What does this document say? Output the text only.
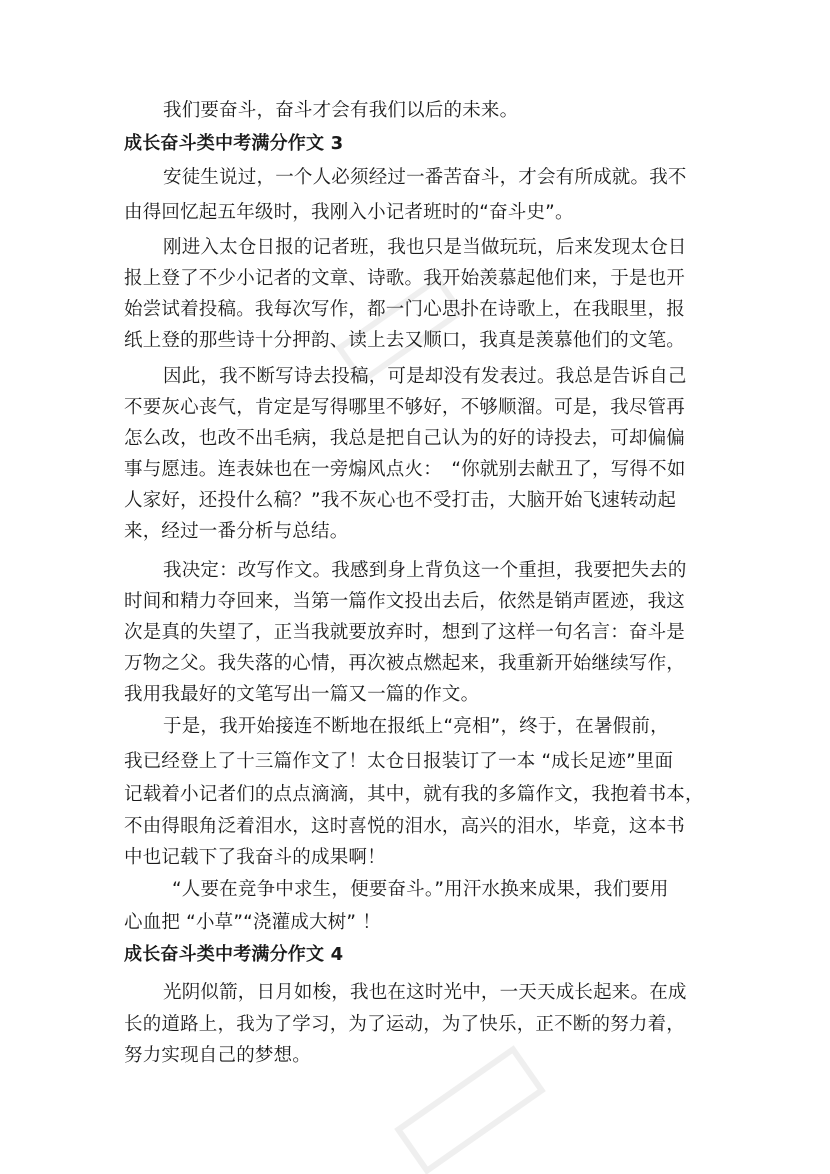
我们要奋斗，奋斗才会有我们以后的未来。
成长奋斗类中考满分作文 3
安徒生说过，一个人必须经过一番苦奋斗，才会有所成就。我不
由得回忆起五年级时，我刚入小记者班时的“奋斗史”。
刚进入太仓日报的记者班，我也只是当做玩玩，后来发现太仓日
报上登了不少小记者的文章、诗歌。我开始羡慕起他们来，于是也开
始尝试着投稿。我每次写作，都一门心思扑在诗歌上，在我眼里，报
纸上登的那些诗十分押韵、读上去又顺口，我真是羡慕他们的文笔。
因此，我不断写诗去投稿，可是却没有发表过。我总是告诉自己
不要灰心丧气，肯定是写得哪里不够好，不够顺溜。可是，我尽管再
怎么改，也改不出毛病，我总是把自己认为的好的诗投去，可却偏偏
事与愿违。连表妹也在一旁煽风点火：　“你就别去献丑了，写得不如
人家好，还投什么稿？”我不灰心也不受打击，大脑开始飞速转动起
来，经过一番分析与总结。
我决定：改写作文。我感到身上背负这一个重担，我要把失去的
时间和精力夺回来，当第一篇作文投出去后，依然是销声匿迹，我这
次是真的失望了，正当我就要放弃时，想到了这样一句名言：奋斗是
万物之父。我失落的心情，再次被点燃起来，我重新开始继续写作，
我用我最好的文笔写出一篇又一篇的作文。
于是，我开始接连不断地在报纸上“亮相”，终于，在暑假前，
我已经登上了十三篇作文了！太仓日报装订了一本 “成长足迹”里面
记载着小记者们的点点滴滴，其中，就有我的多篇作文，我抱着书本，
不由得眼角泛着泪水，这时喜悦的泪水，高兴的泪水，毕竟，这本书
中也记载下了我奋斗的成果啊！
“人要在竞争中求生，便要奋斗。”用汗水换来成果，我们要用
心血把 “小草”“浇灌成大树” ！
成长奋斗类中考满分作文 4
光阴似箭，日月如梭，我也在这时光中，一天天成长起来。在成
长的道路上，我为了学习，为了运动，为了快乐，正不断的努力着，
努力实现自己的梦想。
